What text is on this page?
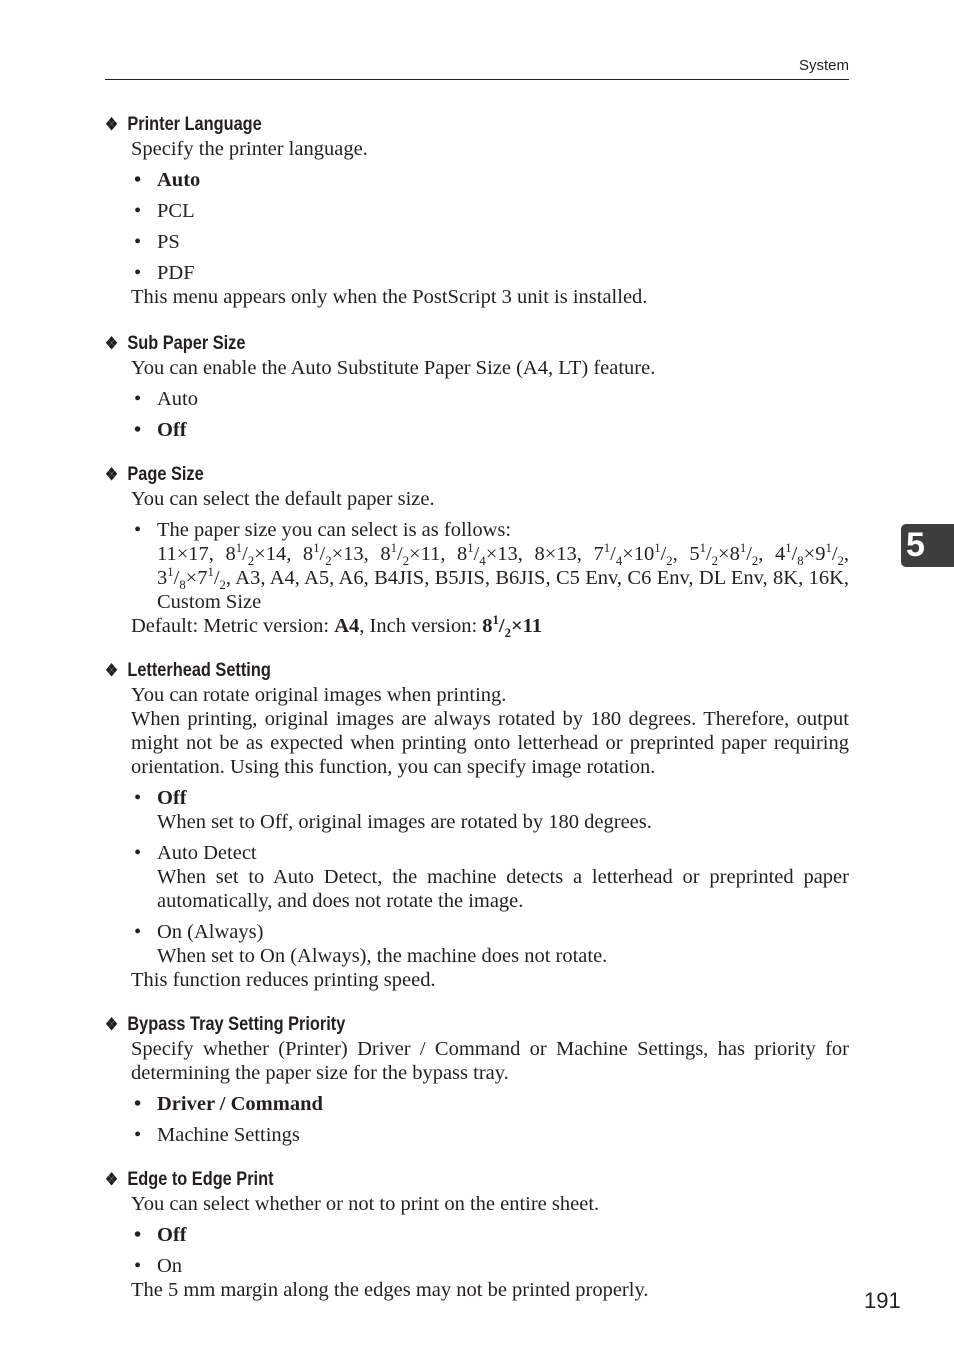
System
5
191
❖ Printer Language

Specify the printer language.

• Auto
• PCL
• PS
• PDF

This menu appears only when the PostScript 3 unit is installed.

❖ Sub Paper Size

You can enable the Auto Substitute Paper Size (A4, LT) feature.

• Auto
• Off
❖ Page Size

You can select the default paper size.

• The paper size you can select is as follows:
11×17, $8^1/_2\times 14$, $8^1/_2\times 13$, $8^1/_2\times 11$, $8^1/_4\times 13$, 8×13, $7^1/_4\times 10^1/_2$, $5^1/_2\times 8^1/_2$, $4^1/_8\times 9^1/_2$, $3^1/_8\times 7^1/_2$, A3, A4, A5, A6, B4JIS, B5JIS, B6JIS, C5 Env, C6 Env, DL Env, 8K, 16K, Custom Size

Default: Metric version: A4, Inch version: $8^1/_2\times 11$

❖ Letterhead Setting

You can rotate original images when printing.

When printing, original images are always rotated by 180 degrees. Therefore, output might not be as expected when printing onto letterhead or preprinted paper requiring orientation. Using this function, you can specify image rotation.

• Off
When set to Off, original images are rotated by 180 degrees.
• Auto Detect
When set to Auto Detect, the machine detects a letterhead or preprinted paper automatically, and does not rotate the image.
• On (Always)
When set to On (Always), the machine does not rotate.

This function reduces printing speed.

❖ Bypass Tray Setting Priority

Specify whether (Printer) Driver / Command or Machine Settings, has priority for determining the paper size for the bypass tray.

• Driver / Command
• Machine Settings
❖ Edge to Edge Print

You can select whether or not to print on the entire sheet.

• Off
• On

The 5 mm margin along the edges may not be printed properly.
